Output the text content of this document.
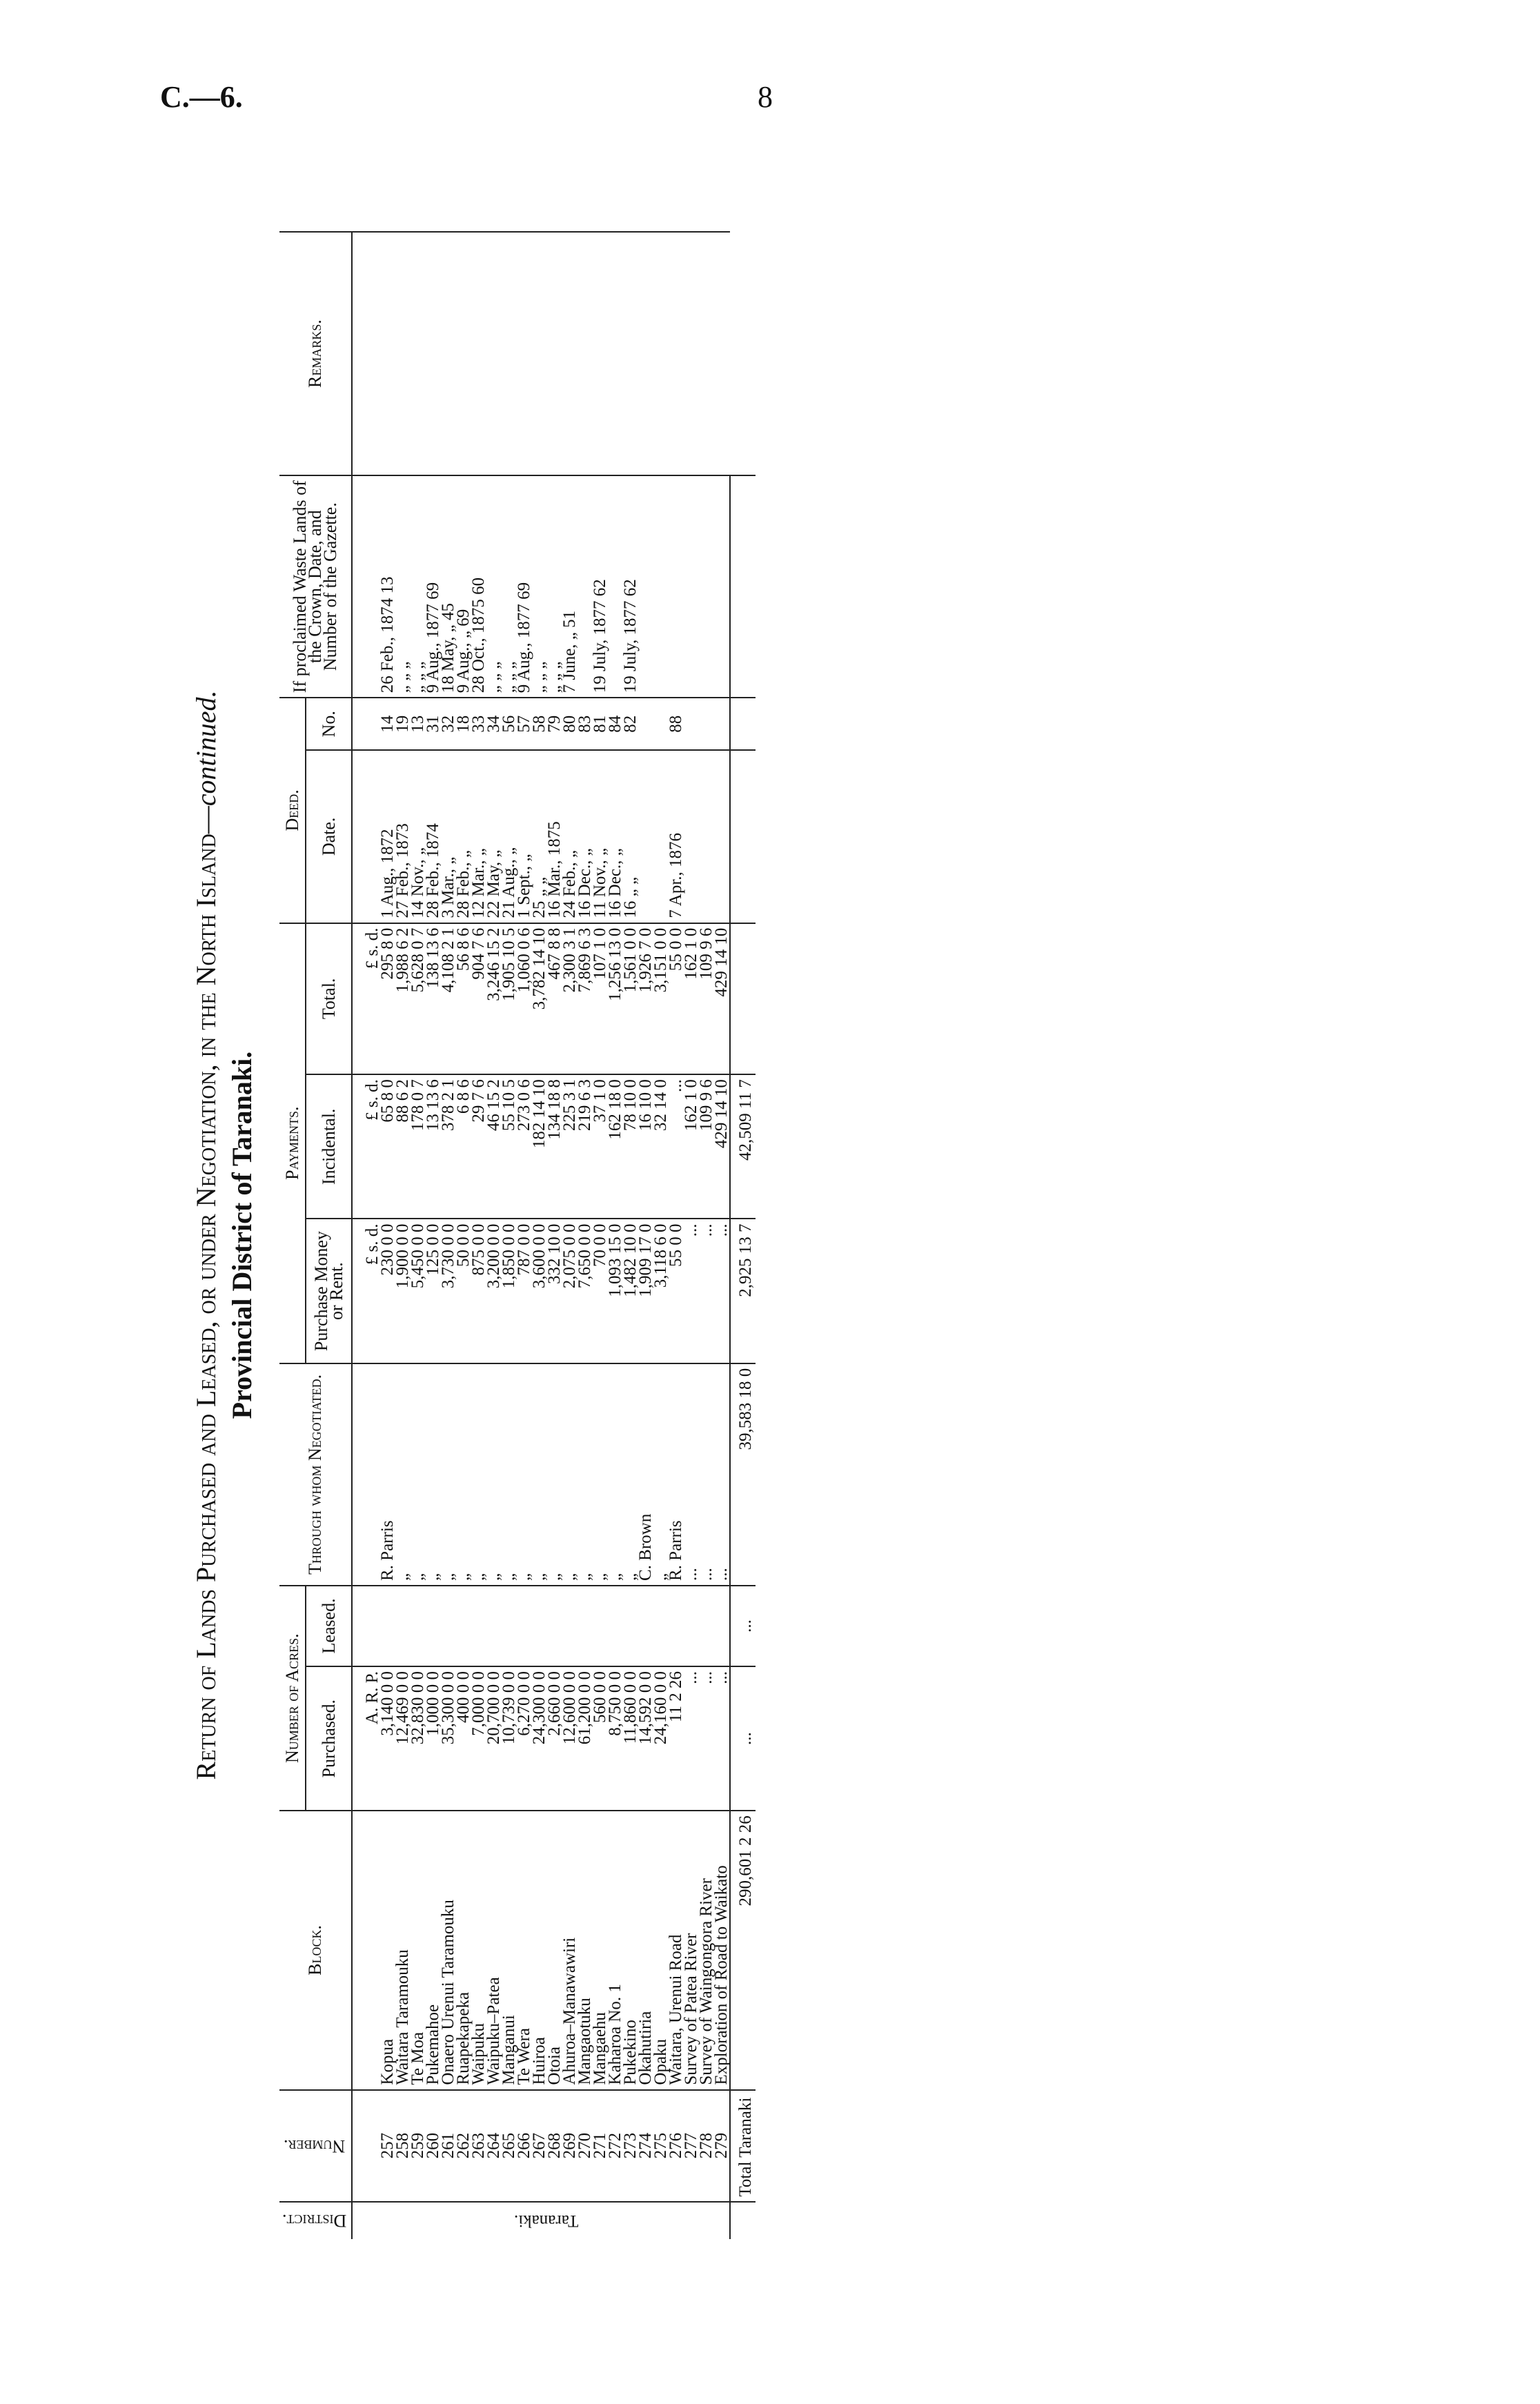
C.—6.	8
Return of Lands Purchased and Leased, or under Negotiation, in the North Island—continued.
Provincial District of Taranaki.
District.	Number.	Block.	Number of Acres.		Through whom Negotiated.	Payments.			Deed.		If proclaimed Waste Lands of the Crown, Date, and Number of the Gazette.	Remarks.
			Purchased.	Leased.		Purchase Money or Rent.	Incidental.	Total.	Date.	No.		
Taranaki.			A. R. P.			£ s. d.	£ s. d.	£ s. d.				
	257	Kopua	3,140 0 0		R. Parris	230 0 0	65 8 0	295 8 0	1 Aug., 1872	14	26 Feb., 1874 13	
	258	Waitara Taramouku	12,469 0 0		„	1,900 0 0	88 6 2	1,988 6 2	27 Feb., 1873	19	„ „ „	
	259	Te Moa	32,830 0 0		„	5,450 0 0	178 0 7	5,628 0 7	14 Nov., „	13	„ „ „	
	260	Pukemahoe	1,000 0 0		„	125 0 0	13 13 6	138 13 6	28 Feb., 1874	31	9 Aug., 1877 69	
	261	Onaero Urenui Taramouku	35,300 0 0		„	3,730 0 0	378 2 1	4,108 2 1	3 Mar., „	32	18 May, „ 45	
	262	Ruapekapeka	400 0 0		„	50 0 0	6 8 6	56 8 6	28 Feb., „	18	9 Aug., „ 69	
	263	Waipuku	7,000 0 0		„	875 0 0	29 7 6	904 7 6	12 Mar., „	33	28 Oct., 1875 60	
	264	Waipuku–Patea	20,700 0 0		„	3,200 0 0	46 15 2	3,246 15 2	22 May, „	34	„ „ „	
	265	Manganui	10,739 0 0		„	1,850 0 0	55 10 5	1,905 10 5	21 Aug., „	56	„ „ „	
	266	Te Wera	6,270 0 0		„	787 0 0	273 0 6	1,060 0 6	1 Sept., „	57	9 Aug., 1877 69	
	267	Huiroa	24,300 0 0		„	3,600 0 0	182 14 10	3,782 14 10	25 „ „	58	„ „ „	
	268	Otoia	2,660 0 0		„	332 10 0	134 18 8	467 8 8	16 Mar., 1875	79	„ „ „	
	269	Ahuroa–Manawawiri	12,600 0 0		„	2,075 0 0	225 3 1	2,300 3 1	24 Feb., „	80	7 June, „ 51	
	270	Mangaotuku	61,200 0 0		„	7,650 0 0	219 6 3	7,869 6 3	16 Dec., „	83		
	271	Mangaehu	560 0 0		„	70 0 0	37 1 0	107 1 0	11 Nov., „	81	19 July, 1877 62	
	272	Kaharoa No. 1	8,750 0 0		„	1,093 15 0	162 18 0	1,256 13 0	16 Dec., „	84		
	273	Pukekino	11,860 0 0		„	1,482 10 0	78 10 0	1,561 0 0	16 „ „	82	19 July, 1877 62	
	274	Okahutiria	14,592 0 0		C. Brown	1,909 17 0	16 10 0	1,926 7 0				
	275	Opaku	24,160 0 0		„	3,118 6 0	32 14 0	3,151 0 0				
	276	Waitara, Urenui Road	11 2 26		R. Parris	55 0 0	...	55 0 0	7 Apr., 1876	88		
	277	Survey of Patea River	...		...	...	162 1 0	162 1 0				
	278	Survey of Waingongora River	...		...	...	109 9 6	109 9 6				
	279	Exploration of Road to Waikato	...		...	...	429 14 10	429 14 10				
	Total Taranaki	290,601 2 26	...	...	39,583 18 0	2,925 13 7	42,509 11 7					
